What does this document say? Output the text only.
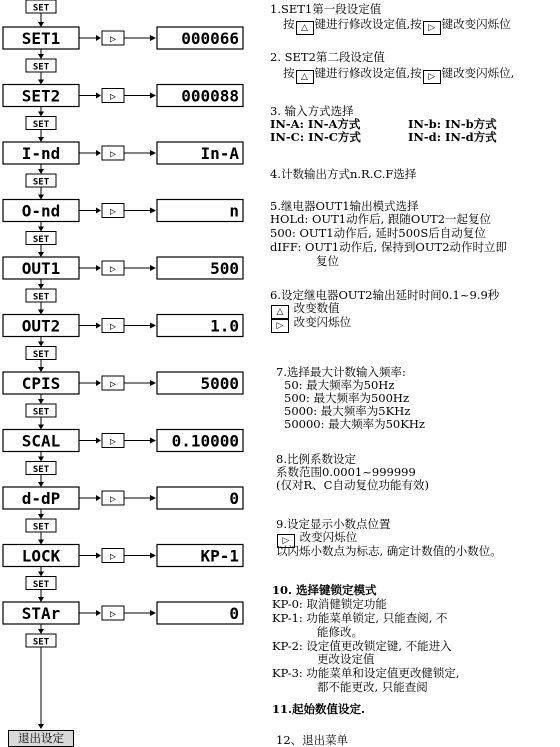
SET
SET1	▷	000066
SET
SET2	▷	000088
SET
I-nd	▷	In-A
SET
O-nd	▷	n
SET
OUT1	▷	500
SET
OUT2	▷	1.0
SET
CPIS	▷	5000
SET
SCAL	▷	0.10000
SET
d-dP	▷	0
SET
LOCK	▷	KP-1
SET
STAr	▷	0
SET
退出设定
1.SET1第一段设定值
按 △ 键进行修改设定值,按 ▷ 键改变闪烁位
2. SET2第二段设定值
按 △ 键进行修改设定值,按 ▷ 键改变闪烁位,
3. 输入方式选择
IN-A: IN-A方式	IN-b: IN-b方式
IN-C: IN-C方式	IN-d: IN-d方式
4.计数输出方式n.R.C.F选择
5.继电器OUT1输出模式选择
HOLd: OUT1动作后, 跟随OUT2一起复位
500: OUT1动作后, 延时500S后自动复位
dIFF: OUT1动作后, 保持到OUT2动作时立即
复位
6.设定继电器OUT2输出延时时间0.1~9.9秒
△ 改变数值
▷ 改变闪烁位
7.选择最大计数输入频率:
50: 最大频率为50Hz
500: 最大频率为500Hz
5000: 最大频率为5KHz
50000: 最大频率为50KHz
8.比例系数设定
系数范围0.0001~999999
(仅对R、C自动复位功能有效)
9.设定显示小数点位置
▷ 改变闪烁位
以闪烁小数点为标志, 确定计数值的小数位。
10. 选择键锁定模式
KP-0: 取消健锁定功能
KP-1: 功能菜单锁定, 只能查阅, 不
能修改。
KP-2: 设定值更改锁定键, 不能进入
更改设定值
KP-3: 功能菜单和设定值更改健锁定,
都不能更改, 只能查阅
11.起始数值设定.
12、退出菜单
